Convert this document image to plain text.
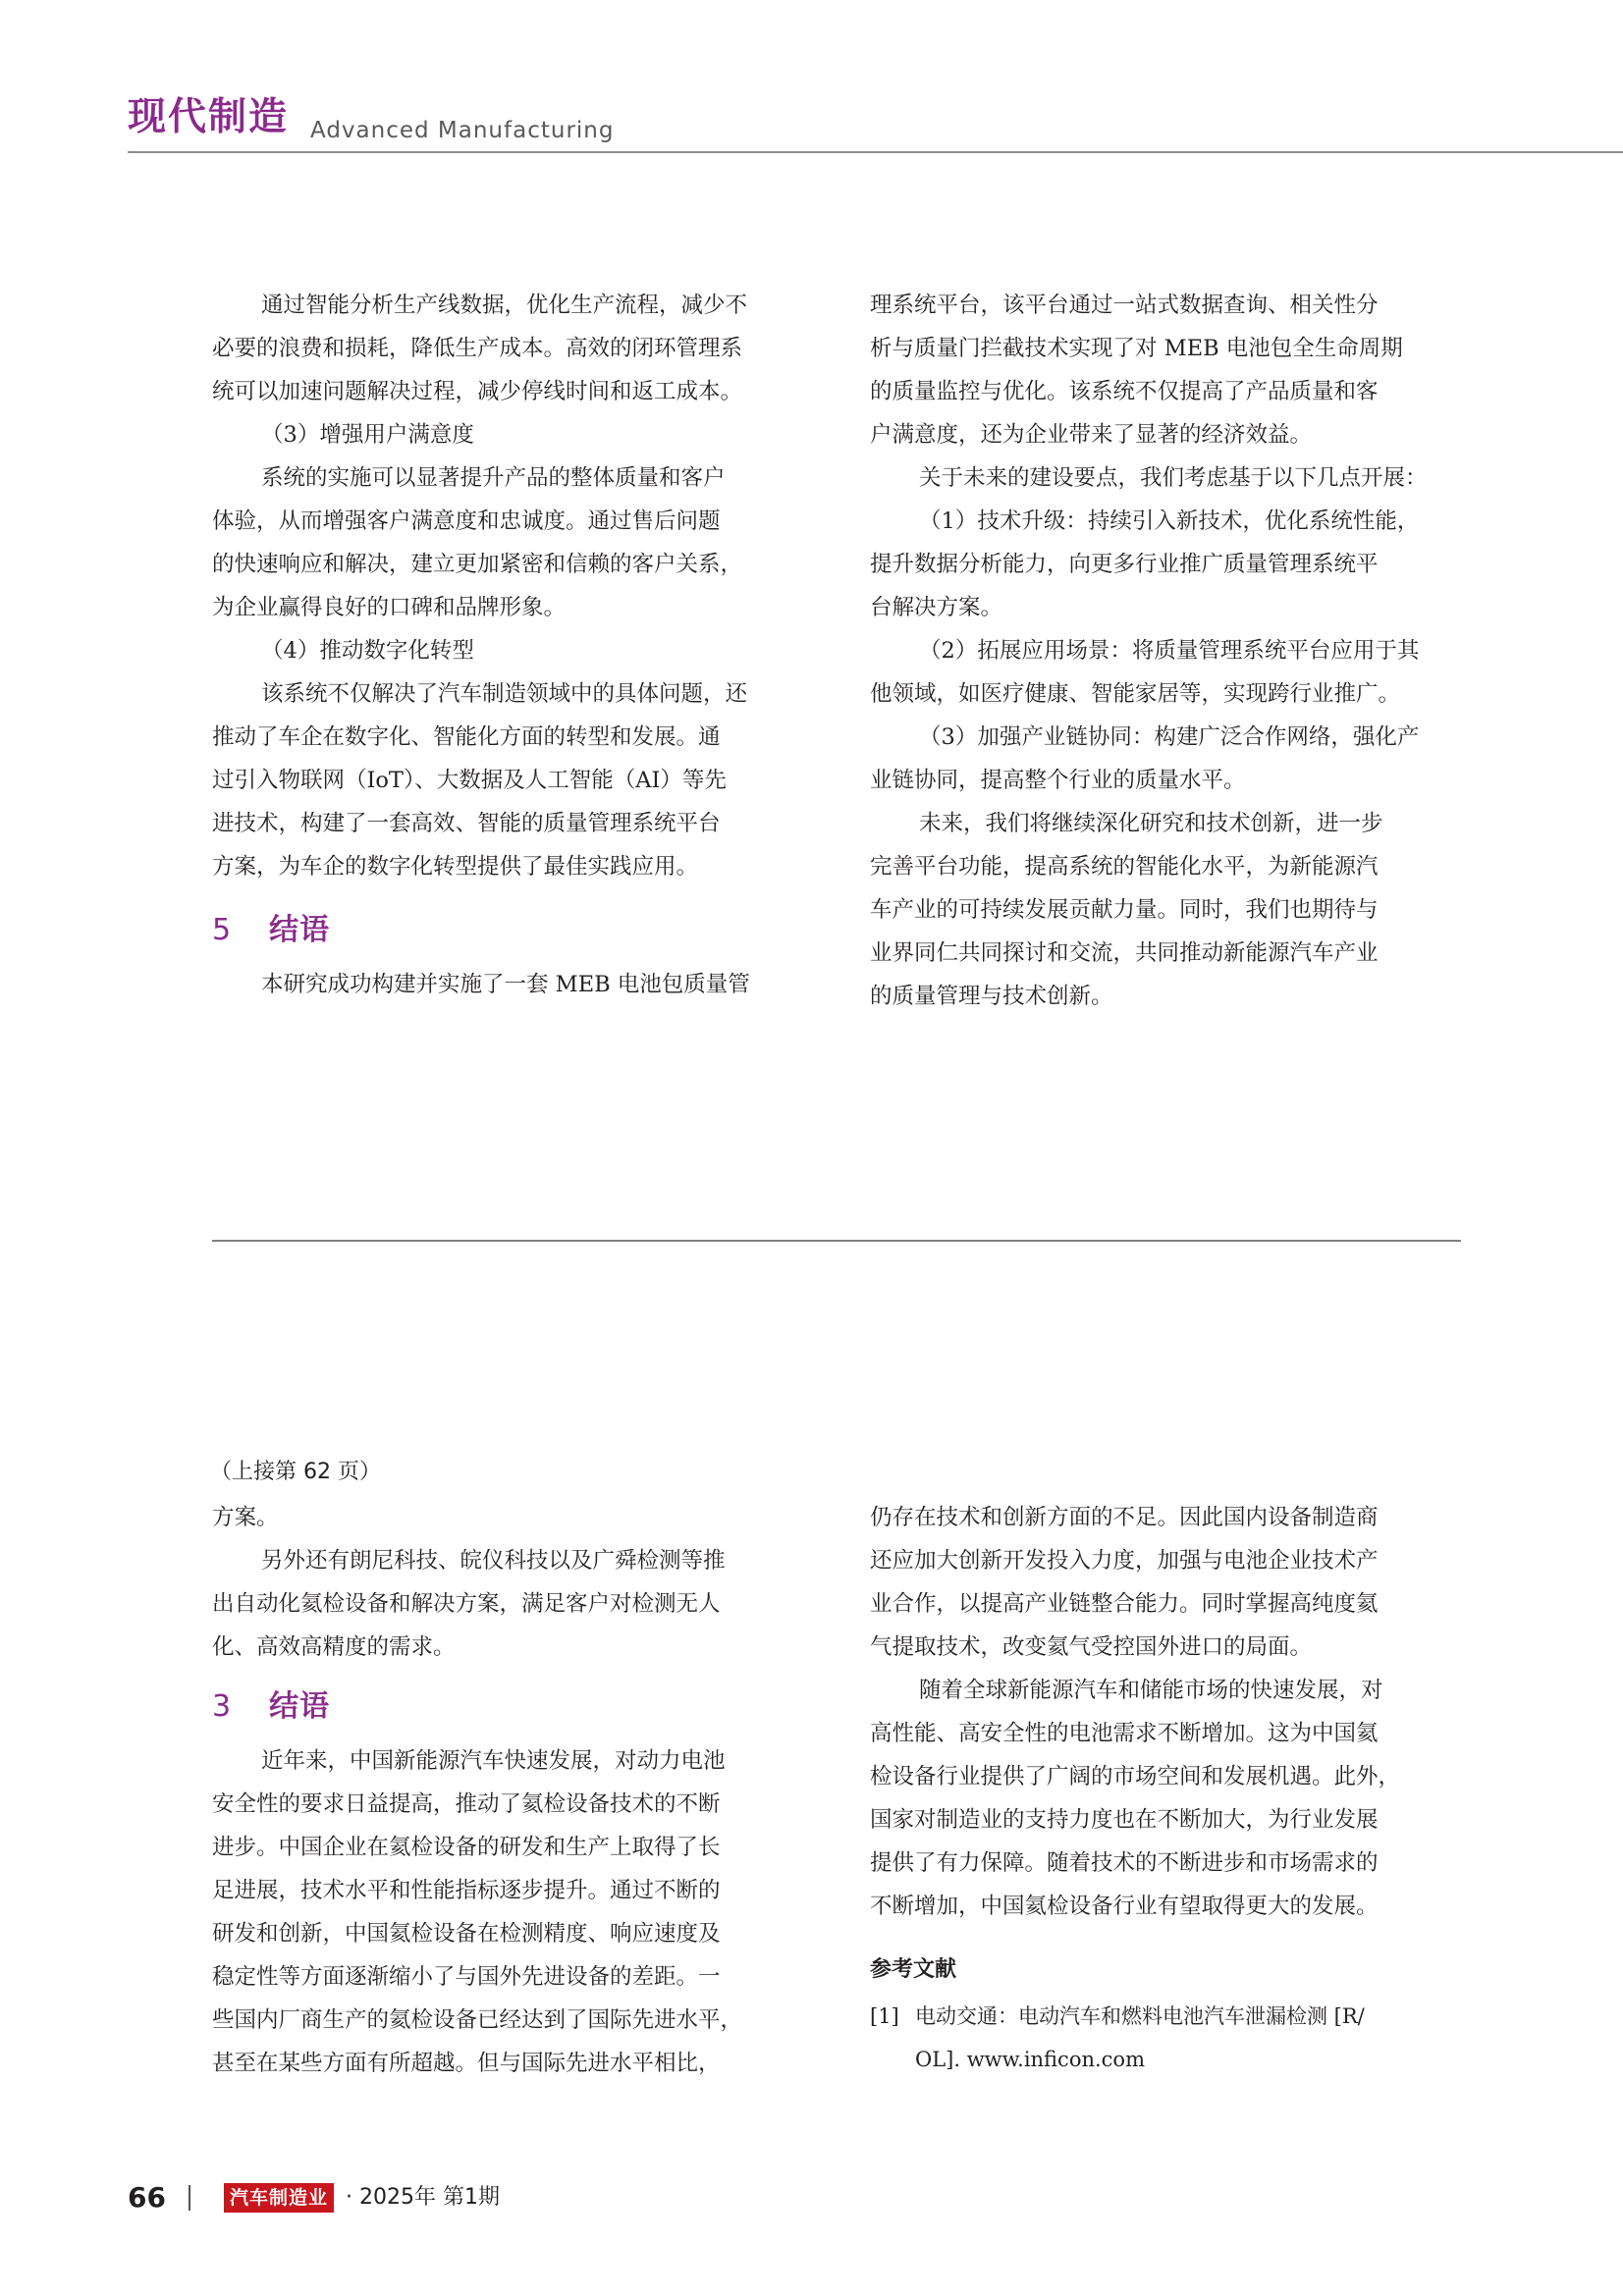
现代制造 Advanced Manufacturing

通过智能分析生产线数据，优化生产流程，减少不

必要的浪费和损耗，降低生产成本。高效的闭环管理系

统可以加速问题解决过程，减少停线时间和返工成本。

（3）增强用户满意度

系统的实施可以显著提升产品的整体质量和客户

体验，从而增强客户满意度和忠诚度。通过售后问题

的快速响应和解决，建立更加紧密和信赖的客户关系，

为企业赢得良好的口碑和品牌形象。

（4）推动数字化转型

该系统不仅解决了汽车制造领域中的具体问题，还

推动了车企在数字化、智能化方面的转型和发展。通

过引入物联网（IoT）、大数据及人工智能（AI）等先

进技术，构建了一套高效、智能的质量管理系统平台

方案，为车企的数字化转型提供了最佳实践应用。

5 结语

本研究成功构建并实施了一套 MEB 电池包质量管

理系统平台，该平台通过一站式数据查询、相关性分

析与质量门拦截技术实现了对 MEB 电池包全生命周期

的质量监控与优化。该系统不仅提高了产品质量和客

户满意度，还为企业带来了显著的经济效益。

关于未来的建设要点，我们考虑基于以下几点开展：

（1）技术升级：持续引入新技术，优化系统性能，

提升数据分析能力，向更多行业推广质量管理系统平

台解决方案。

（2）拓展应用场景：将质量管理系统平台应用于其

他领域，如医疗健康、智能家居等，实现跨行业推广。

（3）加强产业链协同：构建广泛合作网络，强化产

业链协同，提高整个行业的质量水平。

未来，我们将继续深化研究和技术创新，进一步

完善平台功能，提高系统的智能化水平，为新能源汽

车产业的可持续发展贡献力量。同时，我们也期待与

业界同仁共同探讨和交流，共同推动新能源汽车产业

的质量管理与技术创新。

（上接第 62 页）

方案。

另外还有朗尼科技、皖仪科技以及广舜检测等推

出自动化氦检设备和解决方案，满足客户对检测无人

化、高效高精度的需求。

3 结语

近年来，中国新能源汽车快速发展，对动力电池

安全性的要求日益提高，推动了氦检设备技术的不断

进步。中国企业在氦检设备的研发和生产上取得了长

足进展，技术水平和性能指标逐步提升。通过不断的

研发和创新，中国氦检设备在检测精度、响应速度及

稳定性等方面逐渐缩小了与国外先进设备的差距。一

些国内厂商生产的氦检设备已经达到了国际先进水平，

甚至在某些方面有所超越。但与国际先进水平相比，

仍存在技术和创新方面的不足。因此国内设备制造商

还应加大创新开发投入力度，加强与电池企业技术产

业合作，以提高产业链整合能力。同时掌握高纯度氦

气提取技术，改变氦气受控国外进口的局面。

随着全球新能源汽车和储能市场的快速发展，对

高性能、高安全性的电池需求不断增加。这为中国氦

检设备行业提供了广阔的市场空间和发展机遇。此外，

国家对制造业的支持力度也在不断加大，为行业发展

提供了有力保障。随着技术的不断进步和市场需求的

不断增加，中国氦检设备行业有望取得更大的发展。

参考文献

[1] 电动交通：电动汽车和燃料电池汽车泄漏检测 [R/

OL]. www.inficon.com

66	汽车制造业 · 2025年 第1期
